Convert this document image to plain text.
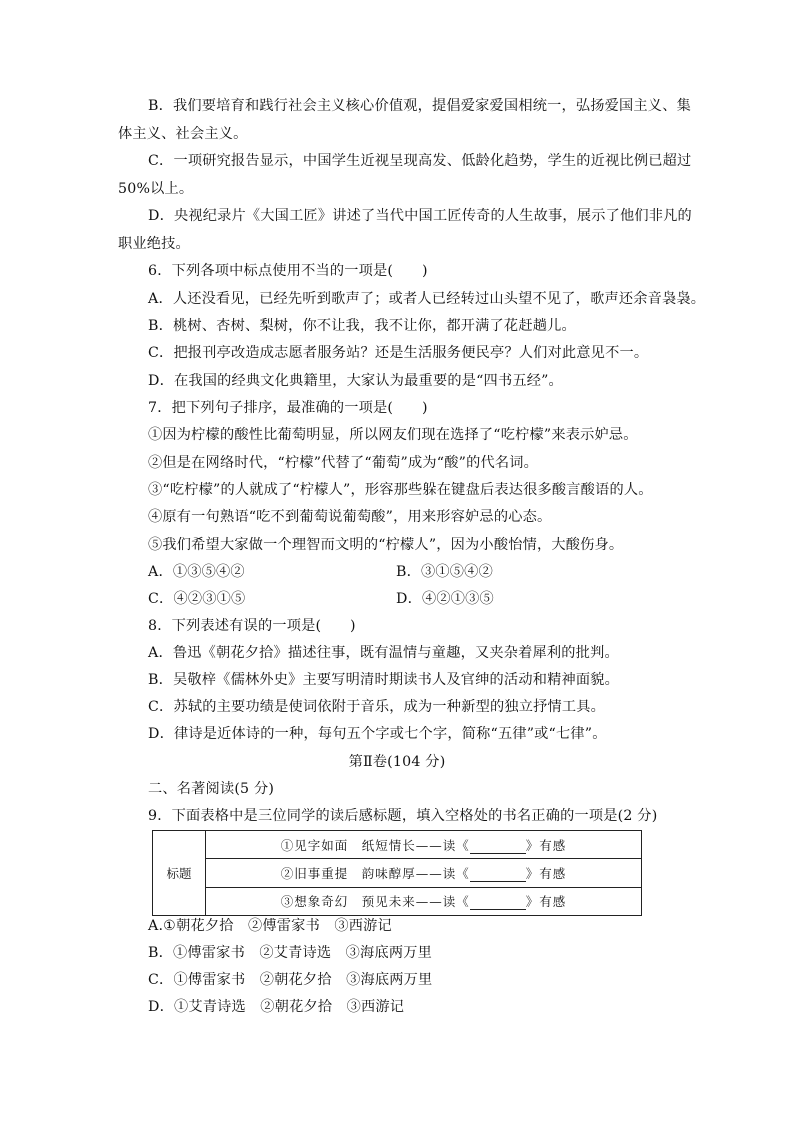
B．我们要培育和践行社会主义核心价值观，提倡爱家爱国相统一，弘扬爱国主义、集
体主义、社会主义。
C．一项研究报告显示，中国学生近视呈现高发、低龄化趋势，学生的近视比例已超过
50%以上。
D．央视纪录片《大国工匠》讲述了当代中国工匠传奇的人生故事，展示了他们非凡的
职业绝技。
6．下列各项中标点使用不当的一项是(　　)
A．人还没看见，已经先听到歌声了；或者人已经转过山头望不见了，歌声还余音袅袅。
B．桃树、杏树、梨树，你不让我，我不让你，都开满了花赶趟儿。
C．把报刊亭改造成志愿者服务站？还是生活服务便民亭？人们对此意见不一。
D．在我国的经典文化典籍里，大家认为最重要的是“四书五经”。
7．把下列句子排序，最准确的一项是(　　)
①因为柠檬的酸性比葡萄明显，所以网友们现在选择了“吃柠檬”来表示妒忌。
②但是在网络时代，“柠檬”代替了“葡萄”成为“酸”的代名词。
③“吃柠檬”的人就成了“柠檬人”，形容那些躲在键盘后表达很多酸言酸语的人。
④原有一句熟语“吃不到葡萄说葡萄酸”，用来形容妒忌的心态。
⑤我们希望大家做一个理智而文明的“柠檬人”，因为小酸怡情，大酸伤身。
A．①③⑤④②	B．③①⑤④②
C．④②③①⑤	D．④②①③⑤
8．下列表述有误的一项是(　　)
A．鲁迅《朝花夕拾》描述往事，既有温情与童趣，又夹杂着犀利的批判。
B．吴敬梓《儒林外史》主要写明清时期读书人及官绅的活动和精神面貌。
C．苏轼的主要功绩是使词依附于音乐，成为一种新型的独立抒情工具。
D．律诗是近体诗的一种，每句五个字或七个字，简称“五律”或“七律”。
第Ⅱ卷(104 分)
二、名著阅读(5 分)
9．下面表格中是三位同学的读后感标题，填入空格处的书名正确的一项是(2 分)
标题	①见字如面　纸短情长——读《	》有感
②旧事重提　韵味醇厚——读《	》有感
③想象奇幻　预见未来——读《	》有感
A.①朝花夕拾　②傅雷家书　③西游记
B．①傅雷家书　②艾青诗选　③海底两万里
C．①傅雷家书　②朝花夕拾　③海底两万里
D．①艾青诗选　②朝花夕拾　③西游记
